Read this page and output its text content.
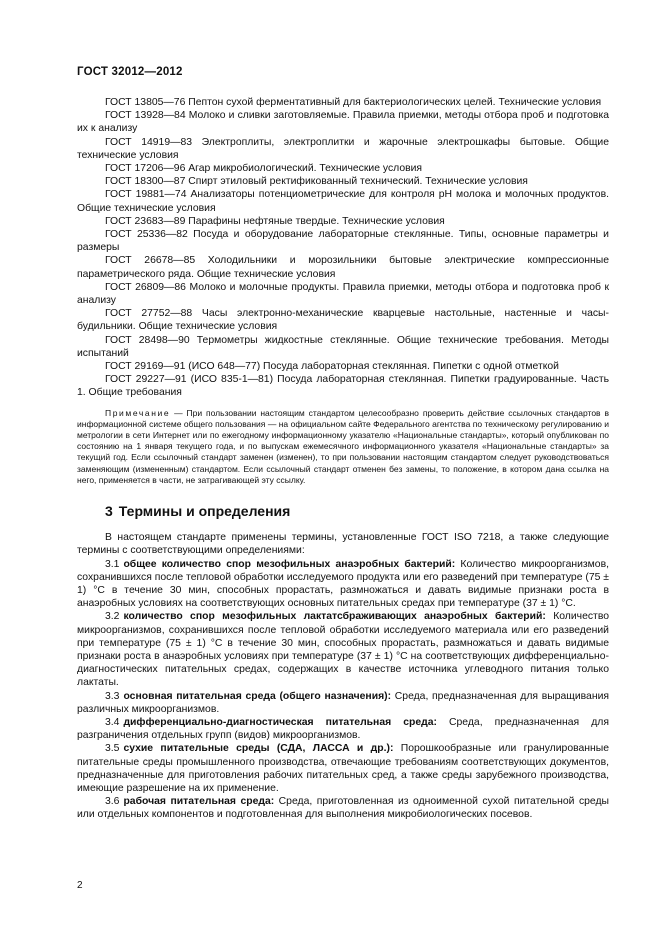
ГОСТ 32012—2012

ГОСТ 13805—76 Пептон сухой ферментативный для бактериологических целей. Технические условия

ГОСТ 13928—84 Молоко и сливки заготовляемые. Правила приемки, методы отбора проб и подготовка их к анализу

ГОСТ 14919—83 Электроплиты, электроплитки и жарочные электрошкафы бытовые. Общие технические условия

ГОСТ 17206—96 Агар микробиологический. Технические условия

ГОСТ 18300—87 Спирт этиловый ректификованный технический. Технические условия

ГОСТ 19881—74 Анализаторы потенциометрические для контроля рН молока и молочных продуктов. Общие технические условия

ГОСТ 23683—89 Парафины нефтяные твердые. Технические условия

ГОСТ 25336—82 Посуда и оборудование лабораторные стеклянные. Типы, основные параметры и размеры

ГОСТ 26678—85 Холодильники и морозильники бытовые электрические компрессионные параметрического ряда. Общие технические условия

ГОСТ 26809—86 Молоко и молочные продукты. Правила приемки, методы отбора и подготовка проб к анализу

ГОСТ 27752—88 Часы электронно-механические кварцевые настольные, настенные и часы-будильники. Общие технические условия

ГОСТ 28498—90 Термометры жидкостные стеклянные. Общие технические требования. Методы испытаний

ГОСТ 29169—91 (ИСО 648—77) Посуда лабораторная стеклянная. Пипетки с одной отметкой

ГОСТ 29227—91 (ИСО 835-1—81) Посуда лабораторная стеклянная. Пипетки градуированные. Часть 1. Общие требования

Примечание — При пользовании настоящим стандартом целесообразно проверить действие ссылочных стандартов в информационной системе общего пользования — на официальном сайте Федерального агентства по техническому регулированию и метрологии в сети Интернет или по ежегодному информационному указателю «Национальные стандарты», который опубликован по состоянию на 1 января текущего года, и по выпускам ежемесячного информационного указателя «Национальные стандарты» за текущий год. Если ссылочный стандарт заменен (изменен), то при пользовании настоящим стандартом следует руководствоваться заменяющим (измененным) стандартом. Если ссылочный стандарт отменен без замены, то положение, в котором дана ссылка на него, применяется в части, не затрагивающей эту ссылку.

3 Термины и определения

В настоящем стандарте применены термины, установленные ГОСТ ISO 7218, а также следующие термины с соответствующими определениями:

3.1 общее количество спор мезофильных анаэробных бактерий: Количество микроорганизмов, сохранившихся после тепловой обработки исследуемого продукта или его разведений при температуре (75 ± 1) °С в течение 30 мин, способных прорастать, размножаться и давать видимые признаки роста в анаэробных условиях на соответствующих основных питательных средах при температуре (37 ± 1) °С.

3.2 количество спор мезофильных лактатсбраживающих анаэробных бактерий: Количество микроорганизмов, сохранившихся после тепловой обработки исследуемого материала или его разведений при температуре (75 ± 1) °С в течение 30 мин, способных прорастать, размножаться и давать видимые признаки роста в анаэробных условиях при температуре (37 ± 1) °С на соответствующих дифференциально-диагностических питательных средах, содержащих в качестве источника углеводного питания только лактаты.

3.3 основная питательная среда (общего назначения): Среда, предназначенная для выращивания различных микроорганизмов.

3.4 дифференциально-диагностическая питательная среда: Среда, предназначенная для разграничения отдельных групп (видов) микроорганизмов.

3.5 сухие питательные среды (СДА, ЛАССА и др.): Порошкообразные или гранулированные питательные среды промышленного производства, отвечающие требованиям соответствующих документов, предназначенные для приготовления рабочих питательных сред, а также среды зарубежного производства, имеющие разрешение на их применение.

3.6 рабочая питательная среда: Среда, приготовленная из одноименной сухой питательной среды или отдельных компонентов и подготовленная для выполнения микробиологических посевов.

2
